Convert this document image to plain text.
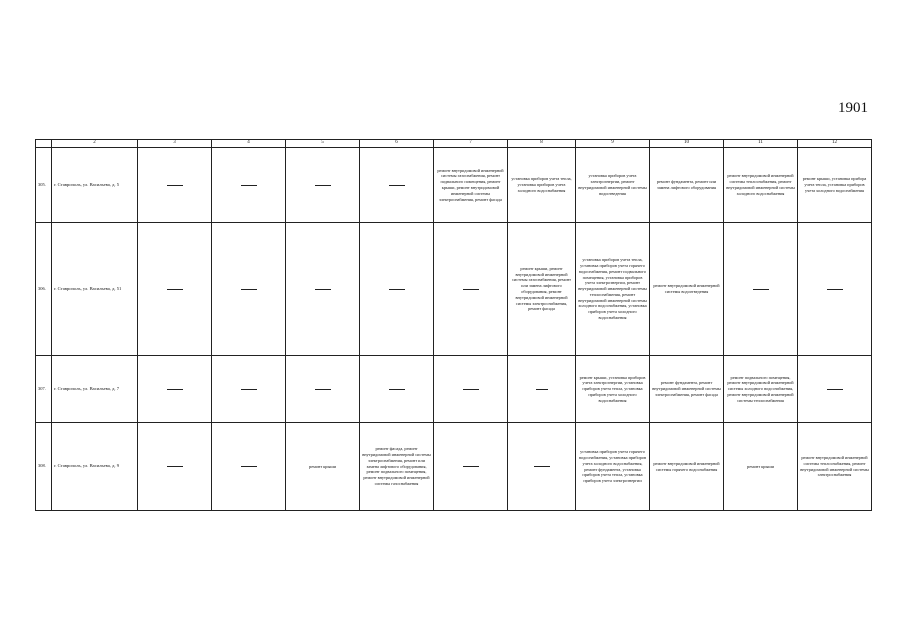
1901
	2	3	4	5	6	7	8	9	10	11	12
305.	г. Ставрополь, ул. Васильева, д. 5					ремонт внутридомовой инженерной системы газоснабжения, ремонт подвального помещения, ремонт крыши, ремонт внутридомовой инженерной системы электроснабжения, ремонт фасада	установка приборов учета тепла, установка приборов учета холодного водоснабжения	установка приборов учета электроэнергии, ремонт внутридомовой инженерной системы водоотведения	ремонт фундамента, ремонт или замена лифтового оборудования	ремонт внутридомовой инженерной системы теплоснабжения, ремонт внутридомовой инженерной системы холодного водоснабжения	ремонт крыши, установка прибора учета тепла, установка приборов учета холодного водоснабжения
306.	г. Ставрополь, ул. Васильева, д. 51						ремонт крыши, ремонт внутридомовой инженерной системы газоснабжения, ремонт или замена лифтового оборудования, ремонт внутридомовой инженерной системы электроснабжения, ремонт фасада	установка приборов учета тепла, установка приборов учета горячего водоснабжения, ремонт подвального помещения, установка приборов учета электроэнергии, ремонт внутридомовой инженерной системы теплоснабжения, ремонт внутридомовой инженерной системы холодного водоснабжения, установка приборов учета холодного водоснабжения	ремонт внутридомовой инженерной системы водоотведения		
307.	г. Ставрополь, ул. Васильева, д. 7							ремонт крыши, установка приборов учета электроэнергии, установка приборов учета тепла, установка приборов учета холодного водоснабжения	ремонт фундамента, ремонт внутридомовой инженерной системы электроснабжения, ремонт фасада	ремонт подвального помещения, ремонт внутридомовой инженерной системы холодного водоснабжения, ремонт внутридомовой инженерной системы теплоснабжения	
308.	г. Ставрополь, ул. Васильева, д. 9			ремонт крыши	ремонт фасада, ремонт внутридомовой инженерной системы электроснабжения, ремонт или замена лифтового оборудования, ремонт подвального помещения, ремонт внутридомовой инженерной системы газоснабжения			установка приборов учета горячего водоснабжения, установка приборов учета холодного водоснабжения, ремонт фундамента, установка приборов учета тепла, установка приборов учета электроэнергии	ремонт внутридомовой инженерной системы горячего водоснабжения	ремонт крыши	ремонт внутридомовой инженерной системы теплоснабжения, ремонт внутридомовой инженерной системы электроснабжения
